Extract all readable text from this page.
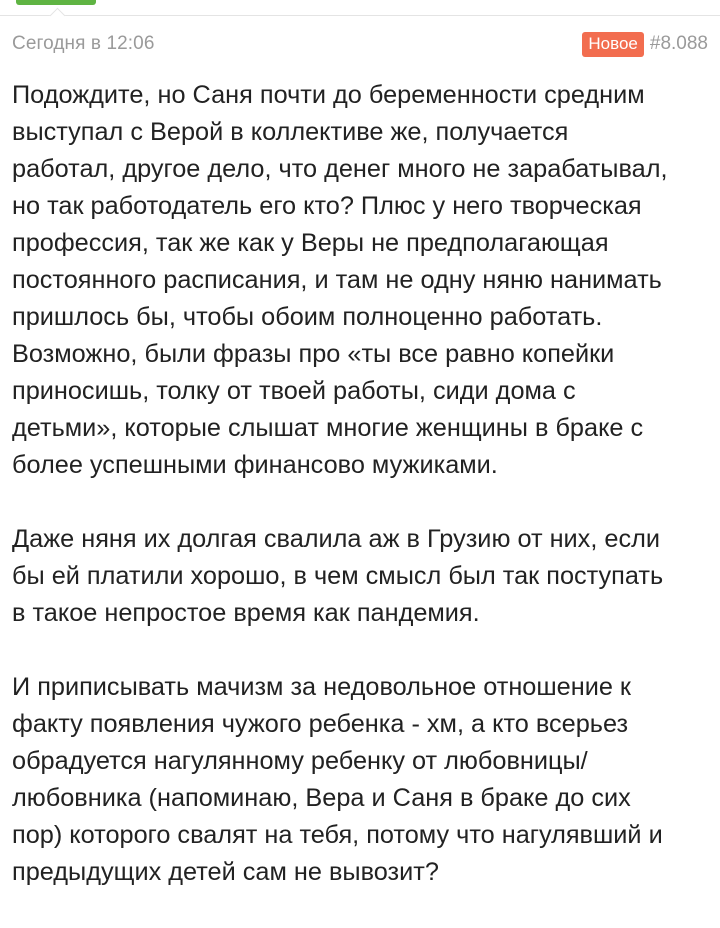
Сегодня в 12:06	Новое #8.088

Подождите, но Саня почти до беременности средним
выступал с Верой в коллективе же, получается
работал, другое дело, что денег много не зарабатывал,
но так работодатель его кто? Плюс у него творческая
профессия, так же как у Веры не предполагающая
постоянного расписания, и там не одну няню нанимать
пришлось бы, чтобы обоим полноценно работать.
Возможно, были фразы про «ты все равно копейки
приносишь, толку от твоей работы, сиди дома с
детьми», которые слышат многие женщины в браке с
более успешными финансово мужиками.

Даже няня их долгая свалила аж в Грузию от них, если
бы ей платили хорошо, в чем смысл был так поступать
в такое непростое время как пандемия.

И приписывать мачизм за недовольное отношение к
факту появления чужого ребенка - хм, а кто всерьез
обрадуется нагулянному ребенку от любовницы/
любовника (напоминаю, Вера и Саня в браке до сих
пор) которого свалят на тебя, потому что нагулявший и
предыдущих детей сам не вывозит?
